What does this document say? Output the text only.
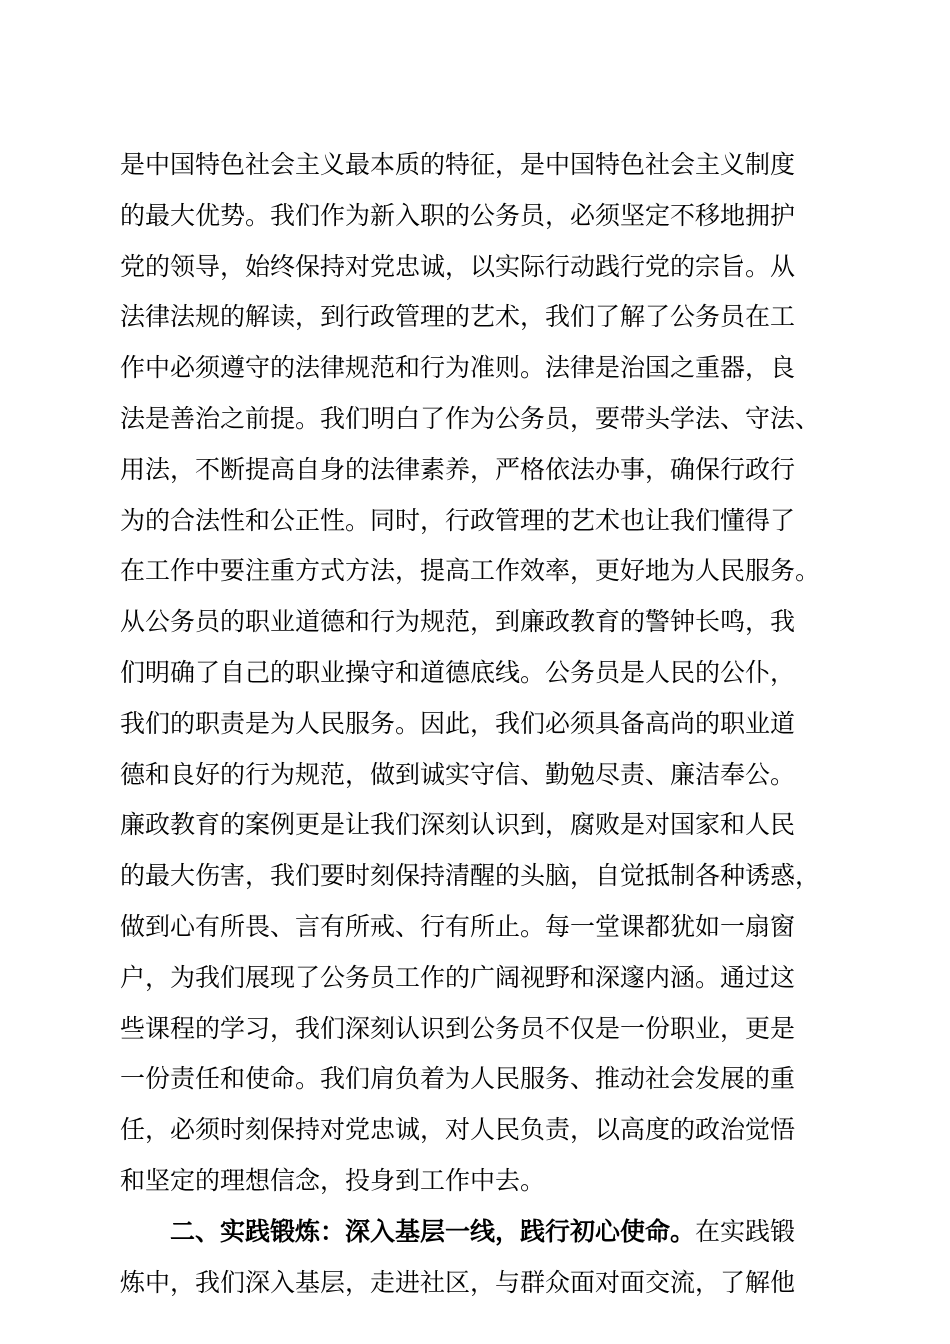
是中国特色社会主义最本质的特征，是中国特色社会主义制度
的最大优势。我们作为新入职的公务员，必须坚定不移地拥护
党的领导，始终保持对党忠诚，以实际行动践行党的宗旨。从
法律法规的解读，到行政管理的艺术，我们了解了公务员在工
作中必须遵守的法律规范和行为准则。法律是治国之重器，良
法是善治之前提。我们明白了作为公务员，要带头学法、守法、
用法，不断提高自身的法律素养，严格依法办事，确保行政行
为的合法性和公正性。同时，行政管理的艺术也让我们懂得了
在工作中要注重方式方法，提高工作效率，更好地为人民服务。
从公务员的职业道德和行为规范，到廉政教育的警钟长鸣，我
们明确了自己的职业操守和道德底线。公务员是人民的公仆，
我们的职责是为人民服务。因此，我们必须具备高尚的职业道
德和良好的行为规范，做到诚实守信、勤勉尽责、廉洁奉公。
廉政教育的案例更是让我们深刻认识到，腐败是对国家和人民
的最大伤害，我们要时刻保持清醒的头脑，自觉抵制各种诱惑，
做到心有所畏、言有所戒、行有所止。每一堂课都犹如一扇窗
户，为我们展现了公务员工作的广阔视野和深邃内涵。通过这
些课程的学习，我们深刻认识到公务员不仅是一份职业，更是
一份责任和使命。我们肩负着为人民服务、推动社会发展的重
任，必须时刻保持对党忠诚，对人民负责，以高度的政治觉悟
和坚定的理想信念，投身到工作中去。
二、实践锻炼：深入基层一线，践行初心使命。在实践锻
炼中，我们深入基层，走进社区，与群众面对面交流，了解他
